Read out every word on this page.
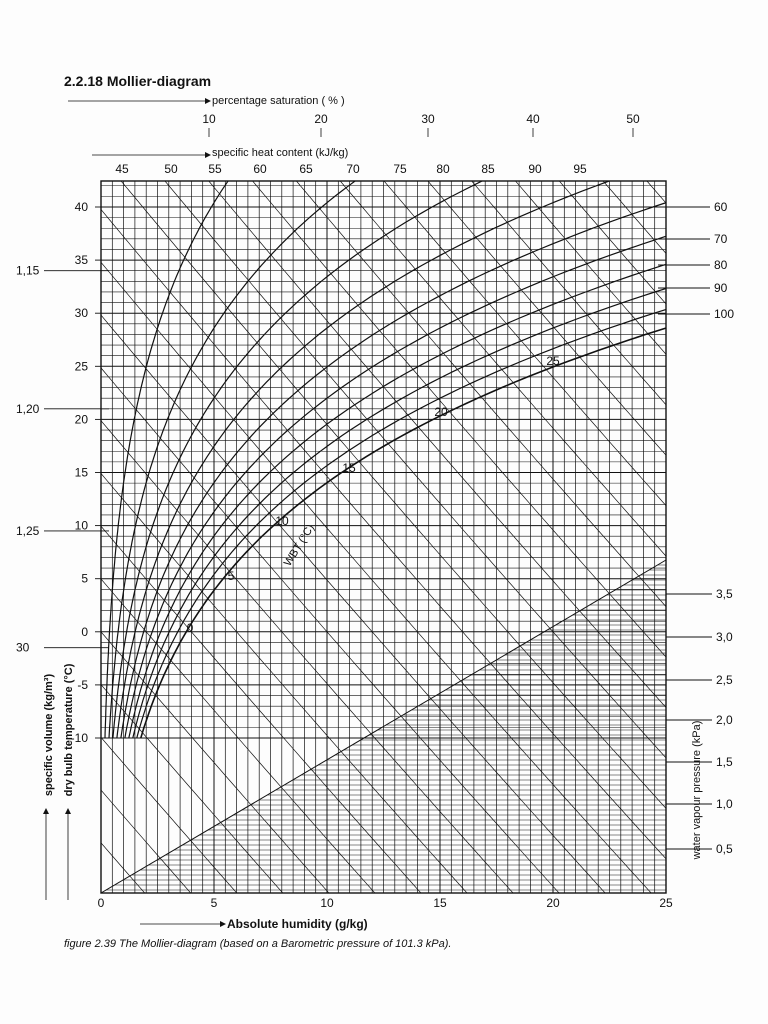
2.2.18 Mollier-diagram
percentage saturation ( % )
10	20	30	40	50
specific heat content (kJ/kg)
45	50	55	60	65	70	75 80	85	90	95
0
5
10
15
20
25
WBT (°C)
-10
-5
0
5
10
15
20
25
30
35
40
1,15
1,20
1,25
30
60
70
80
90
100
0,5
1,0
1,5
2,0
2,5
3,0
3,5
water vapour pressure (kPa)
0	5	10	15	20	25
Absolute humidity (g/kg)
specific volume (kg/m³) dry bulb temperature (°C)
figure 2.39 The Mollier-diagram (based on a Barometric pressure of 101.3 kPa).
